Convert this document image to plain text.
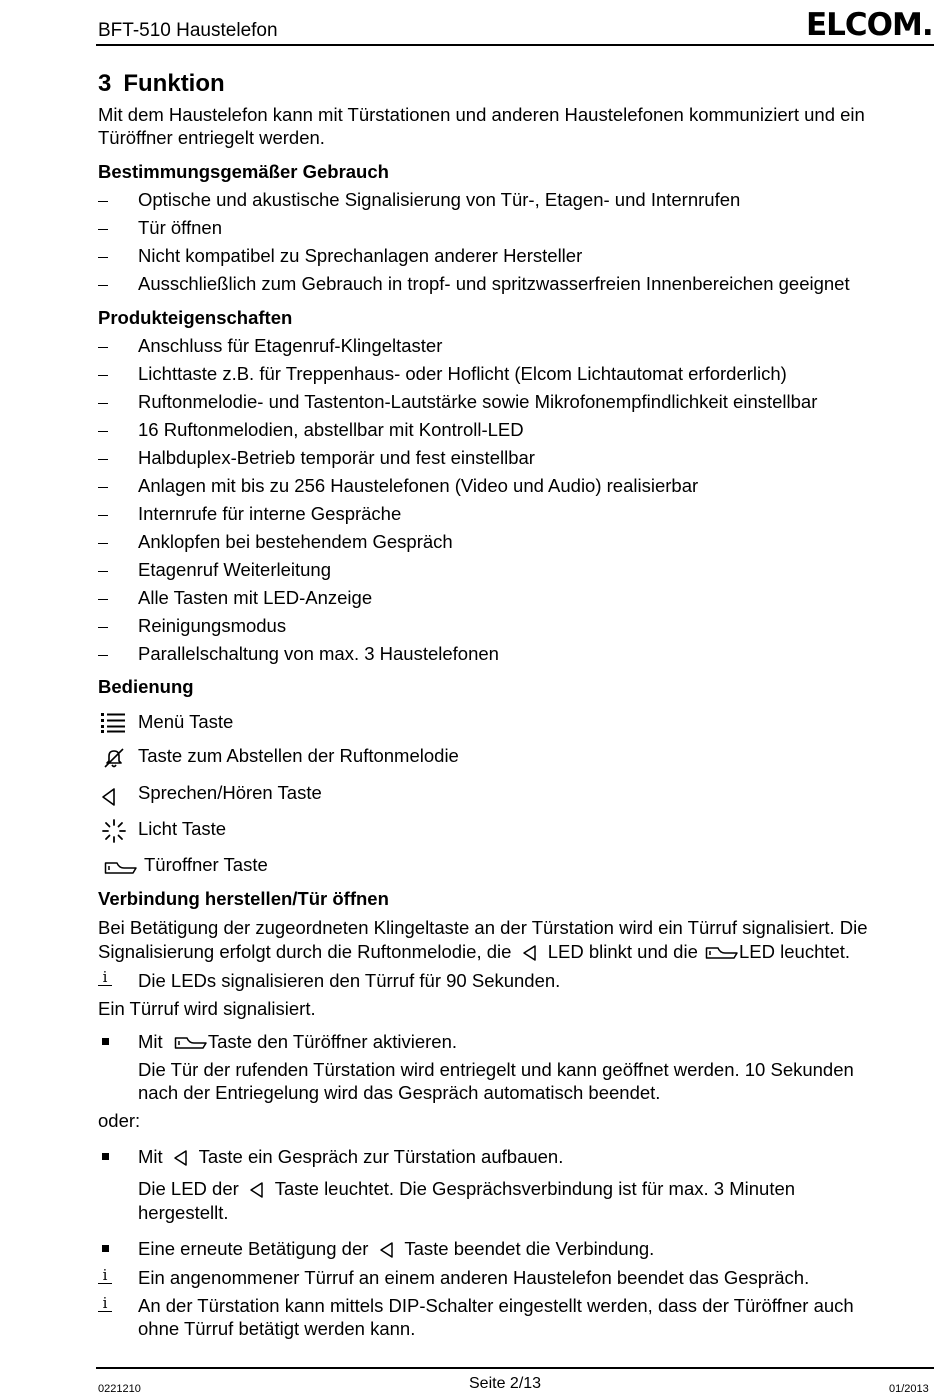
BFT-510 Haustelefon	ELCOM.
3 Funktion
Mit dem Haustelefon kann mit Türstationen und anderen Haustelefonen kommuniziert und ein
Türöffner entriegelt werden.
Bestimmungsgemäßer Gebrauch
Optische und akustische Signalisierung von Tür-, Etagen- und Internrufen
Tür öffnen
Nicht kompatibel zu Sprechanlagen anderer Hersteller
Ausschließlich zum Gebrauch in tropf- und spritzwasserfreien Innenbereichen geeignet
Produkteigenschaften
Anschluss für Etagenruf-Klingeltaster
Lichttaste z.B. für Treppenhaus- oder Hoflicht (Elcom Lichtautomat erforderlich)
Ruftonmelodie- und Tastenton-Lautstärke sowie Mikrofonempfindlichkeit einstellbar
16 Ruftonmelodien, abstellbar mit Kontroll-LED
Halbduplex-Betrieb temporär und fest einstellbar
Anlagen mit bis zu 256 Haustelefonen (Video und Audio) realisierbar
Internrufe für interne Gespräche
Anklopfen bei bestehendem Gespräch
Etagenruf Weiterleitung
Alle Tasten mit LED-Anzeige
Reinigungsmodus
Parallelschaltung von max. 3 Haustelefonen
Bedienung
Menü Taste
Taste zum Abstellen der Ruftonmelodie
Sprechen/Hören Taste
Licht Taste
Türoffner Taste
Verbindung herstellen/Tür öffnen
Bei Betätigung der zugeordneten Klingeltaste an der Türstation wird ein Türruf signalisiert. Die
Signalisierung erfolgt durch die Ruftonmelodie, die LED blinkt und die LED leuchtet.
i Die LEDs signalisieren den Türruf für 90 Sekunden.
Ein Türruf wird signalisiert.
Mit Taste den Türöffner aktivieren.
Die Tür der rufenden Türstation wird entriegelt und kann geöffnet werden. 10 Sekunden
nach der Entriegelung wird das Gespräch automatisch beendet.
oder:
Mit Taste ein Gespräch zur Türstation aufbauen.
Die LED der Taste leuchtet. Die Gesprächsverbindung ist für max. 3 Minuten
hergestellt.
Eine erneute Betätigung der Taste beendet die Verbindung.
i Ein angenommener Türruf an einem anderen Haustelefon beendet das Gespräch.
i An der Türstation kann mittels DIP-Schalter eingestellt werden, dass der Türöffner auch
ohne Türruf betätigt werden kann.
0221210	Seite 2/13	01/2013
